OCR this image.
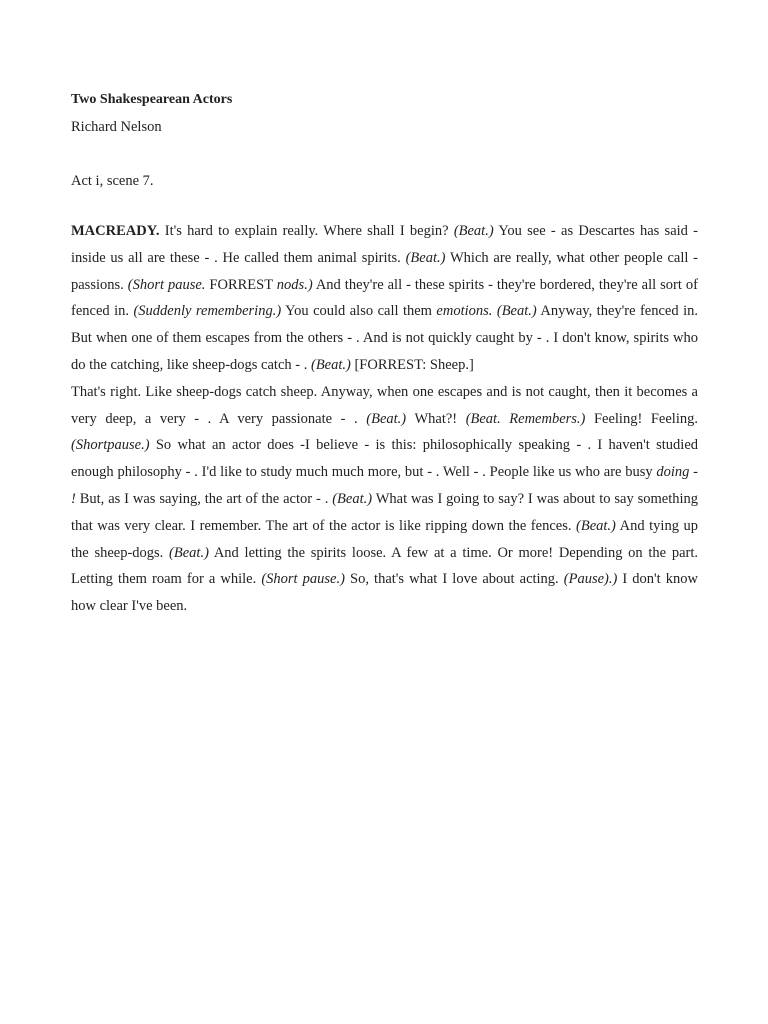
Two Shakespearean Actors
Richard Nelson
Act i, scene 7.

MACREADY. It's hard to explain really. Where shall I begin? (Beat.) You see - as Descartes has said - inside us all are these - . He called them animal spirits. (Beat.) Which are really, what other people call - passions. (Short pause. FORREST nods.) And they're all - these spirits - they're bordered, they're all sort of fenced in. (Suddenly remembering.) You could also call them emotions. (Beat.) Anyway, they're fenced in. But when one of them escapes from the others - . And is not quickly caught by - . I don't know, spirits who do the catching, like sheep-dogs catch - . (Beat.) [FORREST: Sheep.]

That's right. Like sheep-dogs catch sheep. Anyway, when one escapes and is not caught, then it becomes a very deep, a very - . A very passionate - . (Beat.) What?! (Beat. Remembers.) Feeling! Feeling. (Shortpause.) So what an actor does -I believe - is this: philosophically speaking - . I haven't studied enough philosophy - . I'd like to study much much more, but - . Well - . People like us who are busy doing - ! But, as I was saying, the art of the actor - . (Beat.) What was I going to say? I was about to say something that was very clear. I remember. The art of the actor is like ripping down the fences. (Beat.) And tying up the sheep-dogs. (Beat.) And letting the spirits loose. A few at a time. Or more! Depending on the part. Letting them roam for a while. (Short pause.) So, that's what I love about acting. (Pause).) I don't know how clear I've been.
